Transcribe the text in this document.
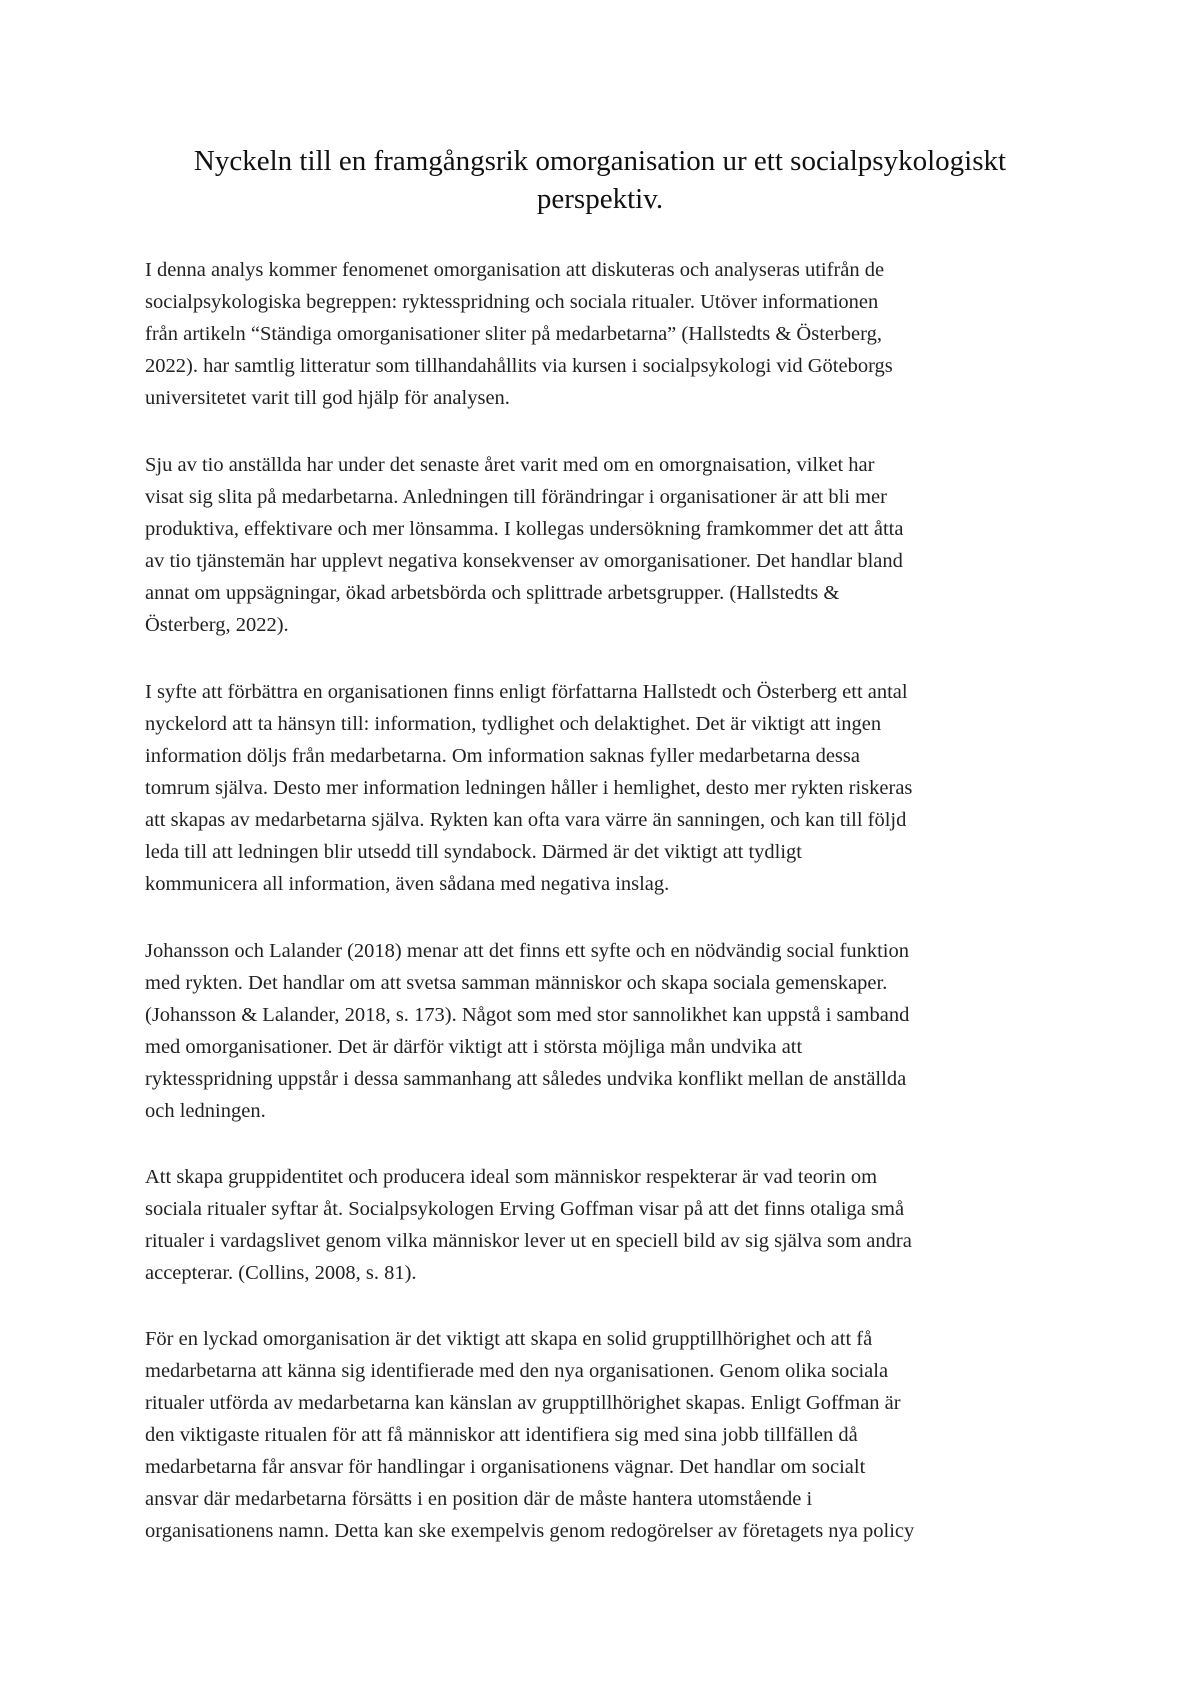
Nyckeln till en framgångsrik omorganisation ur ett socialpsykologiskt perspektiv.

I denna analys kommer fenomenet omorganisation att diskuteras och analyseras utifrån de
socialpsykologiska begreppen: ryktesspridning och sociala ritualer. Utöver informationen
från artikeln “Ständiga omorganisationer sliter på medarbetarna” (Hallstedts & Österberg,
2022). har samtlig litteratur som tillhandahållits via kursen i socialpsykologi vid Göteborgs
universitetet varit till god hjälp för analysen.

Sju av tio anställda har under det senaste året varit med om en omorgnaisation, vilket har
visat sig slita på medarbetarna. Anledningen till förändringar i organisationer är att bli mer
produktiva, effektivare och mer lönsamma. I kollegas undersökning framkommer det att åtta
av tio tjänstemän har upplevt negativa konsekvenser av omorganisationer. Det handlar bland
annat om uppsägningar, ökad arbetsbörda och splittrade arbetsgrupper. (Hallstedts &
Österberg, 2022).

I syfte att förbättra en organisationen finns enligt författarna Hallstedt och Österberg ett antal
nyckelord att ta hänsyn till: information, tydlighet och delaktighet. Det är viktigt att ingen
information döljs från medarbetarna. Om information saknas fyller medarbetarna dessa
tomrum själva. Desto mer information ledningen håller i hemlighet, desto mer rykten riskeras
att skapas av medarbetarna själva. Rykten kan ofta vara värre än sanningen, och kan till följd
leda till att ledningen blir utsedd till syndabock. Därmed är det viktigt att tydligt
kommunicera all information, även sådana med negativa inslag.

Johansson och Lalander (2018) menar att det finns ett syfte och en nödvändig social funktion
med rykten. Det handlar om att svetsa samman människor och skapa sociala gemenskaper.
(Johansson & Lalander, 2018, s. 173). Något som med stor sannolikhet kan uppstå i samband
med omorganisationer. Det är därför viktigt att i största möjliga mån undvika att
ryktesspridning uppstår i dessa sammanhang att således undvika konflikt mellan de anställda
och ledningen.

Att skapa gruppidentitet och producera ideal som människor respekterar är vad teorin om
sociala ritualer syftar åt. Socialpsykologen Erving Goffman visar på att det finns otaliga små
ritualer i vardagslivet genom vilka människor lever ut en speciell bild av sig själva som andra
accepterar. (Collins, 2008, s. 81).

För en lyckad omorganisation är det viktigt att skapa en solid grupptillhörighet och att få
medarbetarna att känna sig identifierade med den nya organisationen. Genom olika sociala
ritualer utförda av medarbetarna kan känslan av grupptillhörighet skapas. Enligt Goffman är
den viktigaste ritualen för att få människor att identifiera sig med sina jobb tillfällen då
medarbetarna får ansvar för handlingar i organisationens vägnar. Det handlar om socialt
ansvar där medarbetarna försätts i en position där de måste hantera utomstående i
organisationens namn. Detta kan ske exempelvis genom redogörelser av företagets nya policy
